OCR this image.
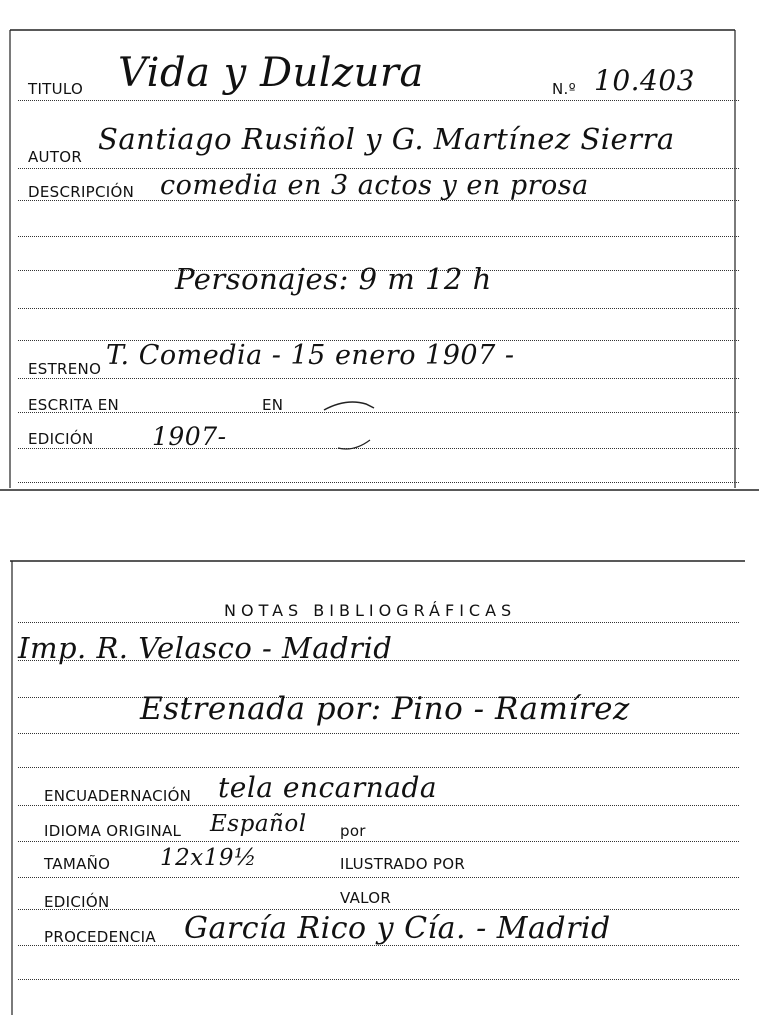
TITULO Vida y Dulzura	N.º 10.403
AUTOR
Santiago Rusiñol y G. Martínez Sierra
DESCRIPCIÓN comedia en 3 actos y en prosa
Personajes: 9 m 12 h
ESTRENO T. Comedia - 15 enero 1907 -
ESCRITA EN	EN
EDICIÓN 1907-
NOTAS BIBLIOGRÁFICAS
Imp. R. Velasco - Madrid
Estrenada por: Pino - Ramírez
ENCUADERNACIÓN tela encarnada
IDIOMA ORIGINAL Español por
TAMAÑO 12x19½	ILUSTRADO POR
EDICIÓN	VALOR
PROCEDENCIA García Rico y Cía. - Madrid
